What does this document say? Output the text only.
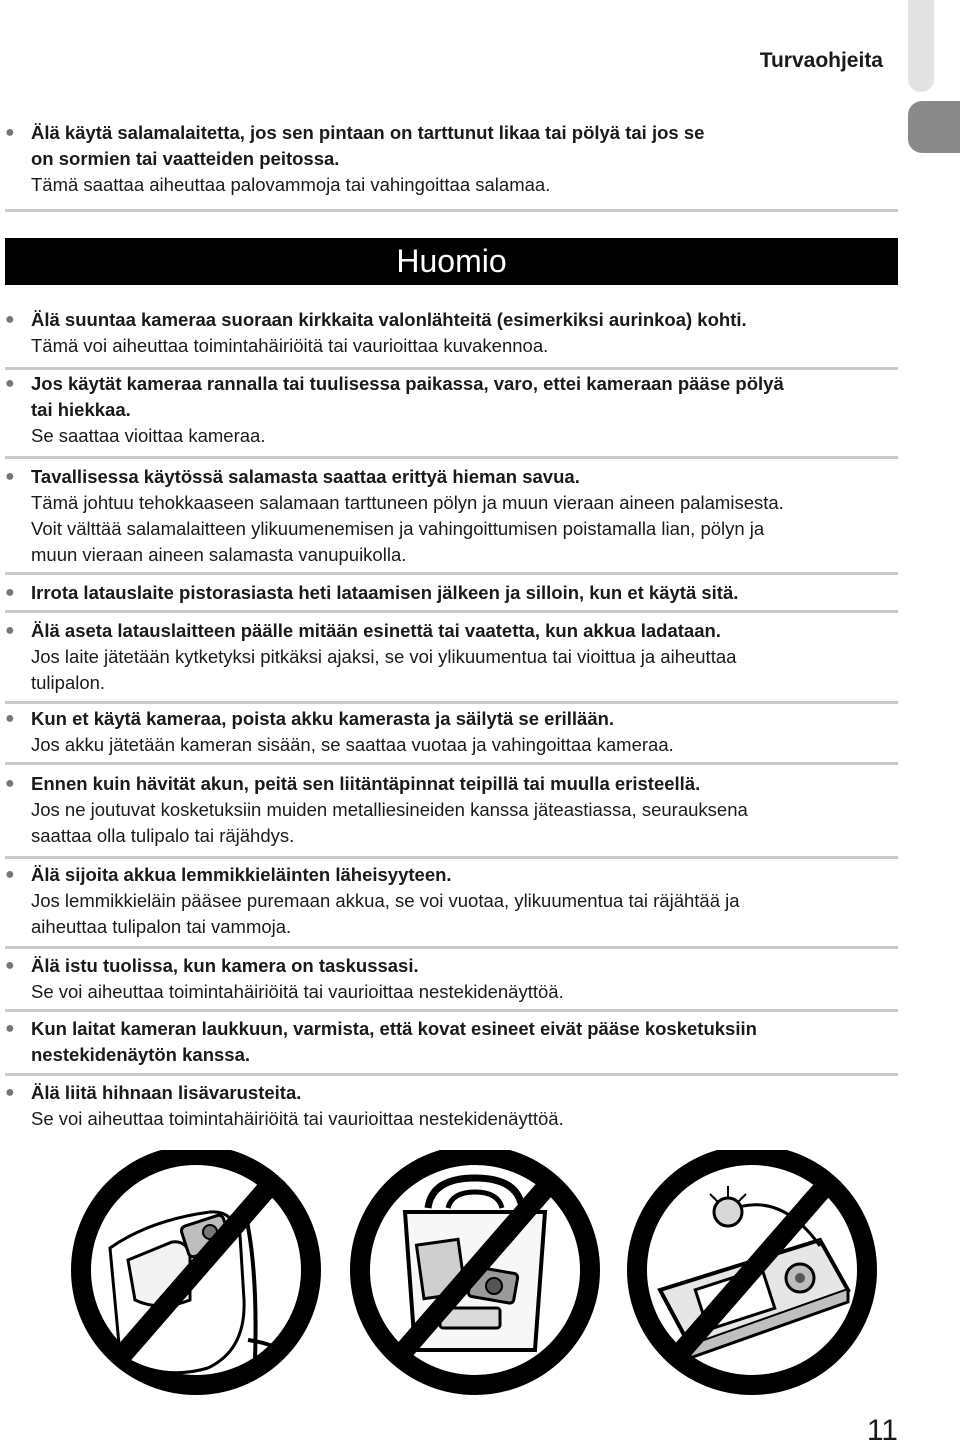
Turvaohjeita
● Älä käytä salamalaitetta, jos sen pintaan on tarttunut likaa tai pölyä tai jos se
on sormien tai vaatteiden peitossa.
Tämä saattaa aiheuttaa palovammoja tai vahingoittaa salamaa.
Huomio
● Älä suuntaa kameraa suoraan kirkkaita valonlähteitä (esimerkiksi aurinkoa) kohti.
Tämä voi aiheuttaa toimintahäiriöitä tai vaurioittaa kuvakennoa.
● Jos käytät kameraa rannalla tai tuulisessa paikassa, varo, ettei kameraan pääse pölyä
tai hiekkaa.
Se saattaa vioittaa kameraa.
● Tavallisessa käytössä salamasta saattaa erittyä hieman savua.
Tämä johtuu tehokkaaseen salamaan tarttuneen pölyn ja muun vieraan aineen palamisesta.
Voit välttää salamalaitteen ylikuumenemisen ja vahingoittumisen poistamalla lian, pölyn ja
muun vieraan aineen salamasta vanupuikolla.
● Irrota latauslaite pistorasiasta heti lataamisen jälkeen ja silloin, kun et käytä sitä.
● Älä aseta latauslaitteen päälle mitään esinettä tai vaatetta, kun akkua ladataan.
Jos laite jätetään kytketyksi pitkäksi ajaksi, se voi ylikuumentua tai vioittua ja aiheuttaa
tulipalon.
● Kun et käytä kameraa, poista akku kamerasta ja säilytä se erillään.
Jos akku jätetään kameran sisään, se saattaa vuotaa ja vahingoittaa kameraa.
● Ennen kuin hävität akun, peitä sen liitäntäpinnat teipillä tai muulla eristeellä.
Jos ne joutuvat kosketuksiin muiden metalliesineiden kanssa jäteastiassa, seurauksena
saattaa olla tulipalo tai räjähdys.
● Älä sijoita akkua lemmikkieläinten läheisyyteen.
Jos lemmikkieläin pääsee puremaan akkua, se voi vuotaa, ylikuumentua tai räjähtää ja
aiheuttaa tulipalon tai vammoja.
● Älä istu tuolissa, kun kamera on taskussasi.
Se voi aiheuttaa toimintahäiriöitä tai vaurioittaa nestekidenäyttöä.
● Kun laitat kameran laukkuun, varmista, että kovat esineet eivät pääse kosketuksiin
nestekidenäytön kanssa.
● Älä liitä hihnaan lisävarusteita.
Se voi aiheuttaa toimintahäiriöitä tai vaurioittaa nestekidenäyttöä.
11
